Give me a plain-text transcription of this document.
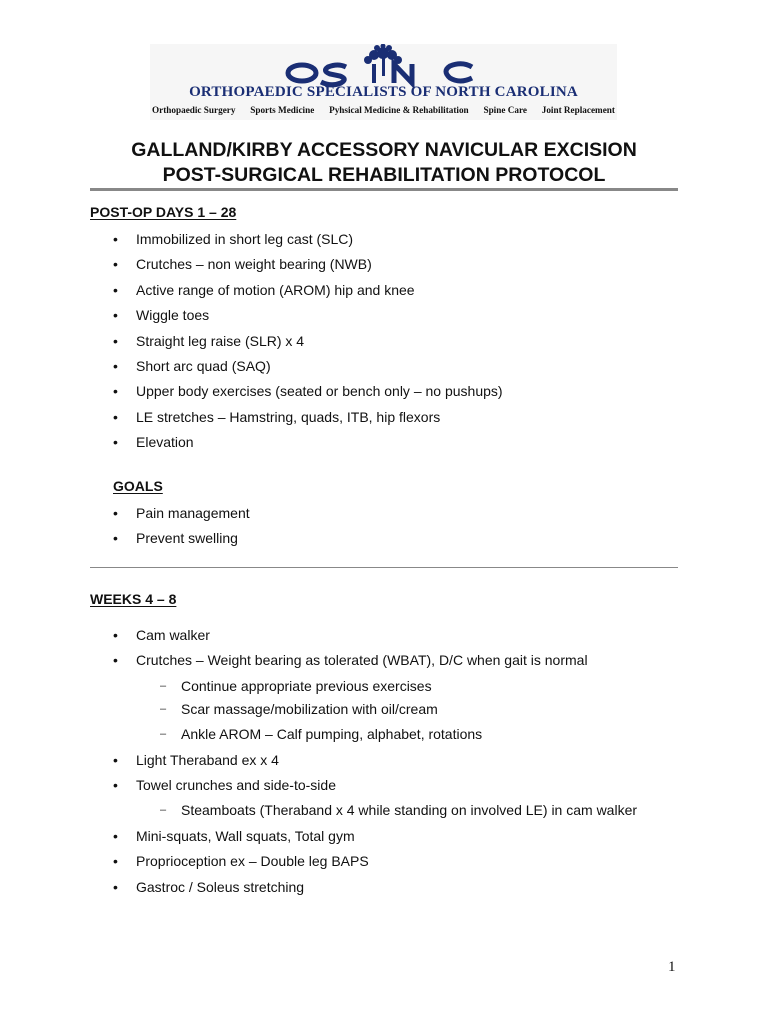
ORTHOPAEDIC SPECIALISTS OF NORTH CAROLINA
Orthopaedic Surgery Sports Medicine Pyhsical Medicine & Rehabilitation Spine Care Joint Replacement
GALLAND/KIRBY ACCESSORY NAVICULAR EXCISION
POST-SURGICAL REHABILITATION PROTOCOL
POST-OP DAYS 1 – 28
• Immobilized in short leg cast (SLC)
• Crutches – non weight bearing (NWB)
• Active range of motion (AROM) hip and knee
• Wiggle toes
• Straight leg raise (SLR) x 4
• Short arc quad (SAQ)
• Upper body exercises (seated or bench only – no pushups)
• LE stretches – Hamstring, quads, ITB, hip flexors
• Elevation
GOALS
• Pain management
• Prevent swelling
WEEKS 4 – 8
• Cam walker
• Crutches – Weight bearing as tolerated (WBAT), D/C when gait is normal
– Continue appropriate previous exercises
– Scar massage/mobilization with oil/cream
– Ankle AROM – Calf pumping, alphabet, rotations
• Light Theraband ex x 4
• Towel crunches and side-to-side
– Steamboats (Theraband x 4 while standing on involved LE) in cam walker
• Mini-squats, Wall squats, Total gym
• Proprioception ex – Double leg BAPS
• Gastroc / Soleus stretching
1
